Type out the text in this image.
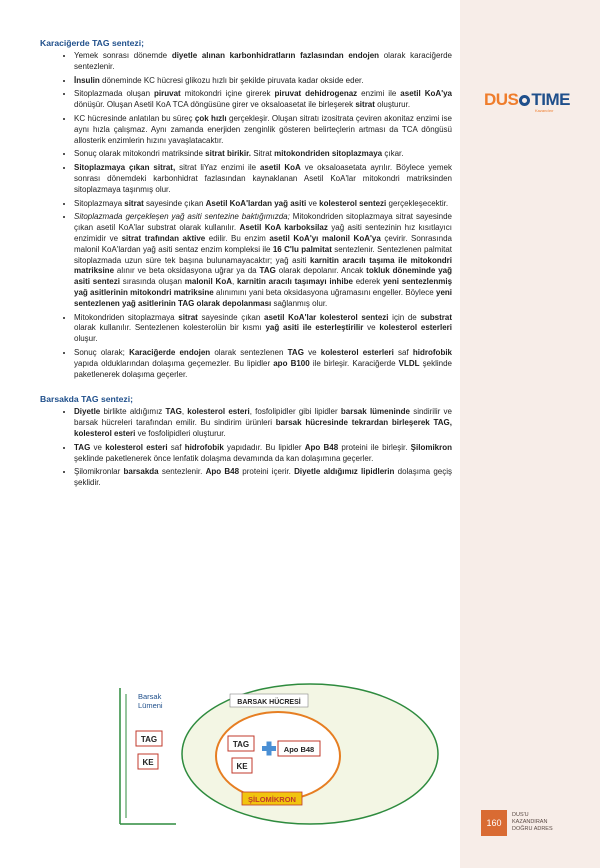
DUS TIME
Kazandırır
Karaciğerde TAG sentezi;
• Yemek sonrası dönemde diyetle alınan karbonhidratların fazlasından endojen olarak karaciğerde sentezlenir.
• İnsulin döneminde KC hücresi glikozu hızlı bir şekilde piruvata kadar okside eder.
• Sitoplazmada oluşan piruvat mitokondri içine girerek piruvat dehidrogenaz enzimi ile asetil KoA'ya dönüşür. Oluşan Asetil KoA TCA döngüsüne girer ve oksaloasetat ile birleşerek sitrat oluşturur.
• KC hücresinde anlatılan bu süreç çok hızlı gerçekleşir. Oluşan sitratı izositrata çeviren akonitaz enzimi ise aynı hızla çalışmaz. Aynı zamanda enerjiden zenginlik gösteren belirteçlerin artması da TCA döngüsü allosterik enzimlerin hızını yavaşlatacaktır.
• Sonuç olarak mitokondri matriksinde sitrat birikir. Sitrat mitokondriden sitoplazmaya çıkar.
• Sitoplazmaya çıkan sitrat, sitrat liYaz enzimi ile asetil KoA ve oksaloasetata ayrılır. Böylece yemek sonrası dönemdeki karbonhidrat fazlasından kaynaklanan Asetil KoA'lar mitokondri matriksinden sitoplazmaya taşınmış olur.
• Sitoplazmaya sitrat sayesinde çıkan Asetil KoA'lardan yağ asiti ve kolesterol sentezi gerçekleşecektir.
• Sitoplazmada gerçekleşen yağ asiti sentezine baktığımızda; Mitokondriden sitoplazmaya sitrat sayesinde çıkan asetil KoA'lar substrat olarak kullanılır. Asetil KoA karboksilaz yağ asiti sentezinin hız kısıtlayıcı enzimidir ve sitrat trafından aktive edilir. Bu enzim asetil KoA'yı malonil KoA'ya çevirir. Sonrasında malonil KoA'lardan yağ asiti sentaz enzim kompleksi ile 16 C'lu palmitat sentezlenir. Sentezlenen palmitat sitoplazmada uzun süre tek başına bulunamayacaktır; yağ asiti karnitin aracılı taşıma ile mitokondri matriksine alınır ve beta oksidasyona uğrar ya da TAG olarak depolanır. Ancak tokluk döneminde yağ asiti sentezi sırasında oluşan malonil KoA, karnitin aracılı taşımayı inhibe ederek yeni sentezlenmiş yağ asitlerinin mitokondri matriksine alınımını yani beta oksidasyona uğramasını engeller. Böylece yeni sentezlenen yağ asitlerinin TAG olarak depolanması sağlanmış olur.
• Mitokondriden sitoplazmaya sitrat sayesinde çıkan asetil KoA'lar kolesterol sentezi için de substrat olarak kullanılır. Sentezlenen kolesterolün bir kısmı yağ asiti ile esterleştirilir ve kolesterol esterleri oluşur.
• Sonuç olarak; Karaciğerde endojen olarak sentezlenen TAG ve kolesterol esterleri saf hidrofobik yapıda olduklarından dolaşıma geçemezler. Bu lipidler apo B100 ile birleşir. Karaciğerde VLDL şeklinde paketlenerek dolaşıma geçerler.
Barsakda TAG sentezi;
• Diyetle birlikte aldığımız TAG, kolesterol esteri, fosfolipidler gibi lipidler barsak lümeninde sindirilir ve barsak hücreleri tarafından emilir. Bu sindirim ürünleri barsak hücresinde tekrardan birleşerek TAG, kolesterol esteri ve fosfolipidleri oluşturur.
• TAG ve kolesterol esteri saf hidrofobik yapıdadır. Bu lipidler Apo B48 proteini ile birleşir. Şilomikron şeklinde paketlenerek önce lenfatik dolaşma devamında da kan dolaşımına geçerler.
• Şilomikronlar barsakda sentezlenir. Apo B48 proteini içerir. Diyetle aldığımız lipidlerin dolaşıma geçiş şeklidir.
Barsak
Lümeni
TAG
KE
BARSAK HÜCRESİ
TAG
KE
Apo B48
ŞİLOMİKRON
160
DUS'U
KAZANDIRAN
DOĞRU ADRES
